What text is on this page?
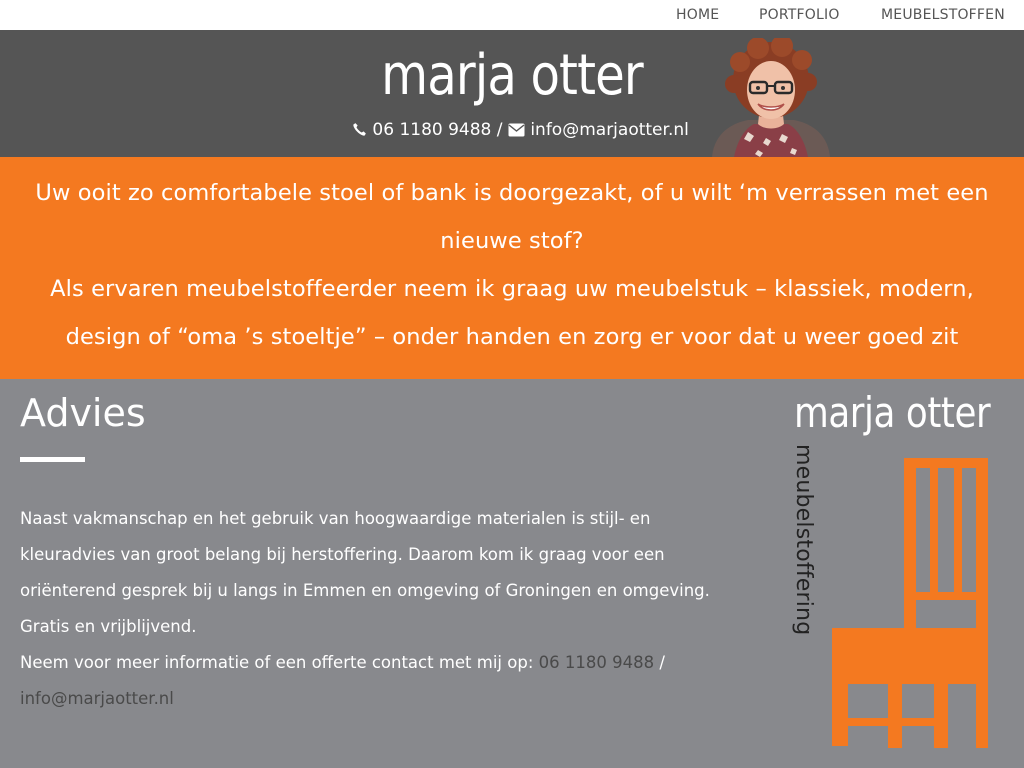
HOME	PORTFOLIO	MEUBELSTOFFEN
marja otter
06 1180 9488 / info@marjaotter.nl

Uw ooit zo comfortabele stoel of bank is doorgezakt, of u wilt ‘m verrassen met een nieuwe stof?

Als ervaren meubelstoffeerder neem ik graag uw meubelstuk – klassiek, modern, design of “oma ’s stoeltje” – onder handen en zorg er voor dat u weer goed zit

Advies
Naast vakmanschap en het gebruik van hoogwaardige materialen is stijl- en kleuradvies van groot belang bij herstoffering. Daarom kom ik graag voor een oriënterend gesprek bij u langs in Emmen en omgeving of Groningen en omgeving. Gratis en vrijblijvend.
Neem voor meer informatie of een offerte contact met mij op: 06 1180 9488 / info@marjaotter.nl
marja otter
meubelstoffering
